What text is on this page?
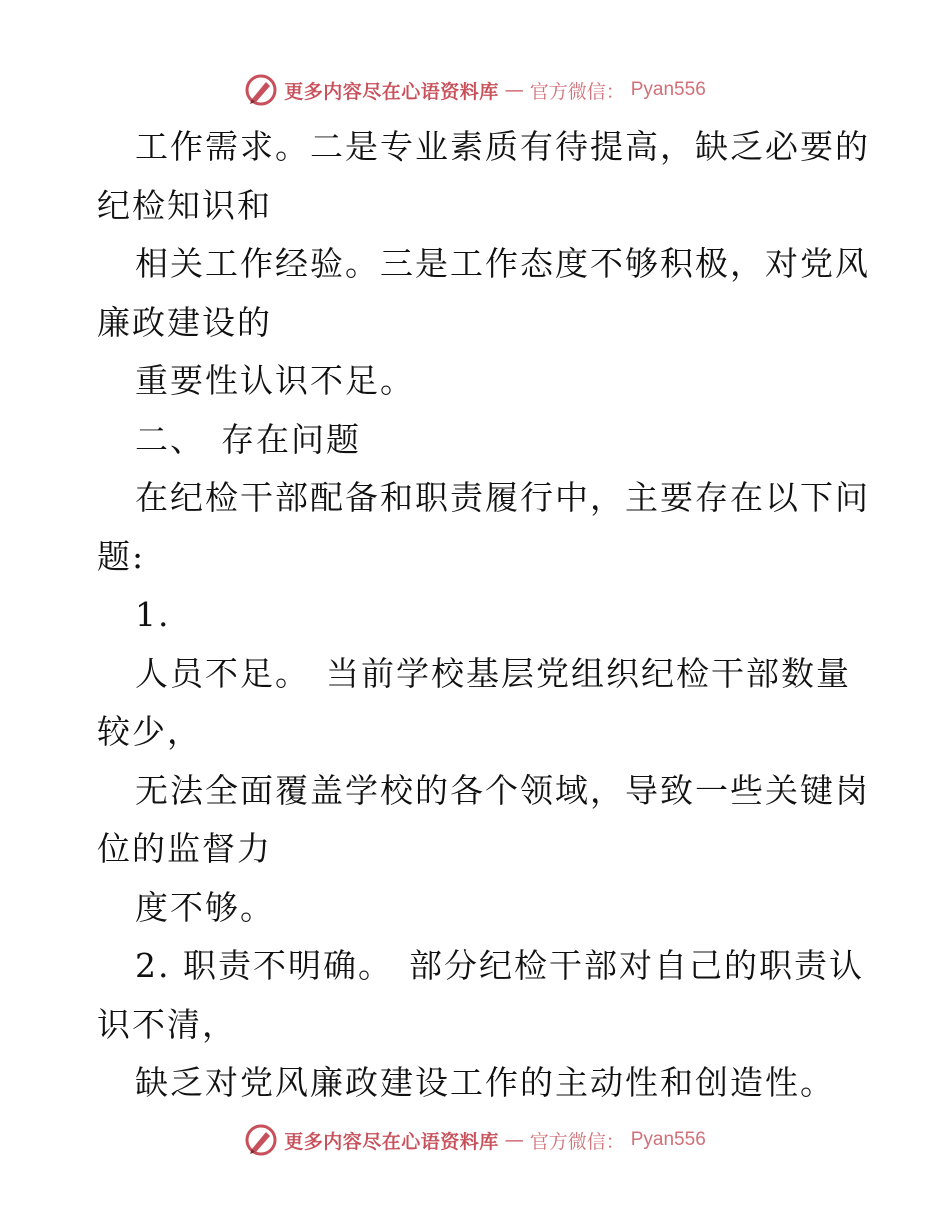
更多内容尽在心语资料库 — 官方微信： Pyan556
工作需求。二是专业素质有待提高，缺乏必要的
纪检知识和
相关工作经验。三是工作态度不够积极，对党风
廉政建设的
重要性认识不足。
二、 存在问题
在纪检干部配备和职责履行中，主要存在以下问
题:
1.
人员不足。 当前学校基层党组织纪检干部数量
较少，
无法全面覆盖学校的各个领域，导致一些关键岗
位的监督力
度不够。
2. 职责不明确。 部分纪检干部对自己的职责认
识不清，
缺乏对党风廉政建设工作的主动性和创造性。
更多内容尽在心语资料库 — 官方微信： Pyan556
